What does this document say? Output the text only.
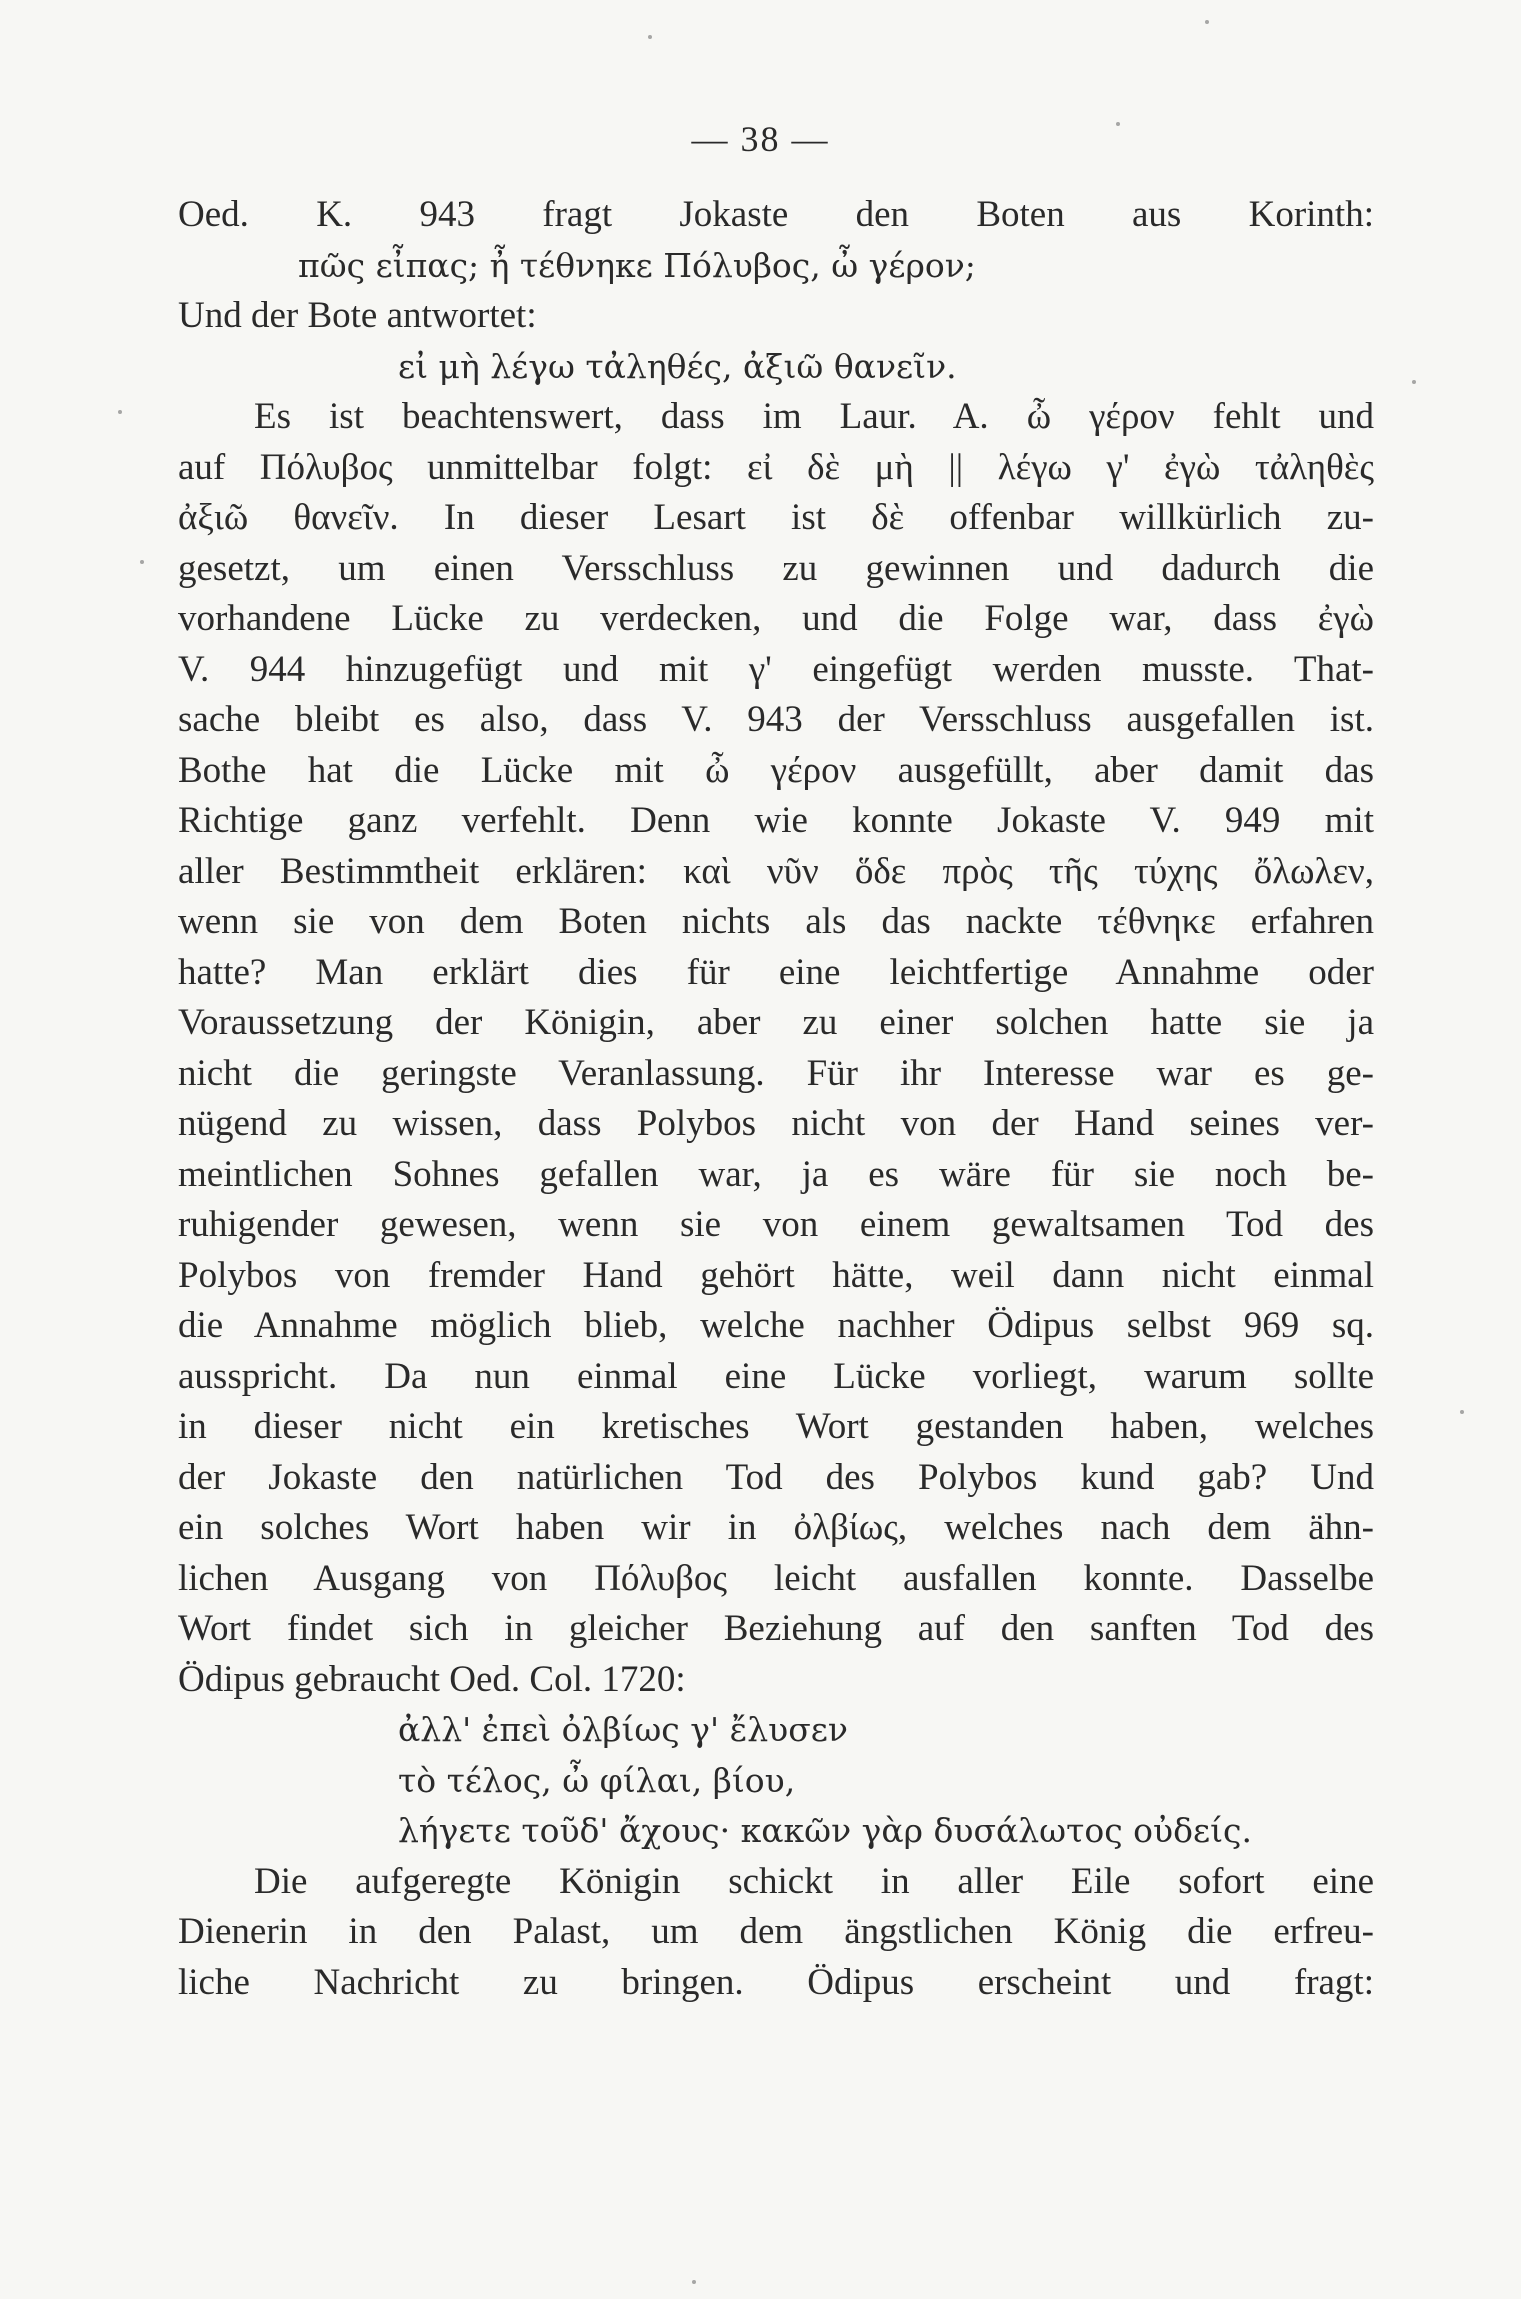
— 38 —
Oed. K. 943 fragt Jokaste den Boten aus Korinth:
πῶς εἶπας; ἦ τέθνηκε Πόλυβος, ὦ γέρον;
Und der Bote antwortet:
εἰ μὴ λέγω τἀληθές, ἀξιῶ θανεῖν.
Es ist beachtenswert, dass im Laur. A. ὦ γέρον fehlt und
auf Πόλυβος unmittelbar folgt: εἰ δὲ μὴ || λέγω γ' ἐγὼ τἀληθὲς
ἀξιῶ θανεῖν. In dieser Lesart ist δὲ offenbar willkürlich zu-
gesetzt, um einen Versschluss zu gewinnen und dadurch die
vorhandene Lücke zu verdecken, und die Folge war, dass ἐγὼ
V. 944 hinzugefügt und mit γ' eingefügt werden musste. That-
sache bleibt es also, dass V. 943 der Versschluss ausgefallen ist.
Bothe hat die Lücke mit ὦ γέρον ausgefüllt, aber damit das
Richtige ganz verfehlt. Denn wie konnte Jokaste V. 949 mit
aller Bestimmtheit erklären: καὶ νῦν ὅδε πρὸς τῆς τύχης ὄλωλεν,
wenn sie von dem Boten nichts als das nackte τέθνηκε erfahren
hatte? Man erklärt dies für eine leichtfertige Annahme oder
Voraussetzung der Königin, aber zu einer solchen hatte sie ja
nicht die geringste Veranlassung. Für ihr Interesse war es ge-
nügend zu wissen, dass Polybos nicht von der Hand seines ver-
meintlichen Sohnes gefallen war, ja es wäre für sie noch be-
ruhigender gewesen, wenn sie von einem gewaltsamen Tod des
Polybos von fremder Hand gehört hätte, weil dann nicht einmal
die Annahme möglich blieb, welche nachher Ödipus selbst 969 sq.
ausspricht. Da nun einmal eine Lücke vorliegt, warum sollte
in dieser nicht ein kretisches Wort gestanden haben, welches
der Jokaste den natürlichen Tod des Polybos kund gab? Und
ein solches Wort haben wir in ὀλβίως, welches nach dem ähn-
lichen Ausgang von Πόλυβος leicht ausfallen konnte. Dasselbe
Wort findet sich in gleicher Beziehung auf den sanften Tod des
Ödipus gebraucht Oed. Col. 1720:
ἀλλ' ἐπεὶ ὀλβίως γ' ἔλυσεν
τὸ τέλος, ὦ φίλαι, βίου,
λήγετε τοῦδ' ἄχους· κακῶν γὰρ δυσάλωτος οὐδείς.
Die aufgeregte Königin schickt in aller Eile sofort eine
Dienerin in den Palast, um dem ängstlichen König die erfreu-
liche Nachricht zu bringen. Ödipus erscheint und fragt:
